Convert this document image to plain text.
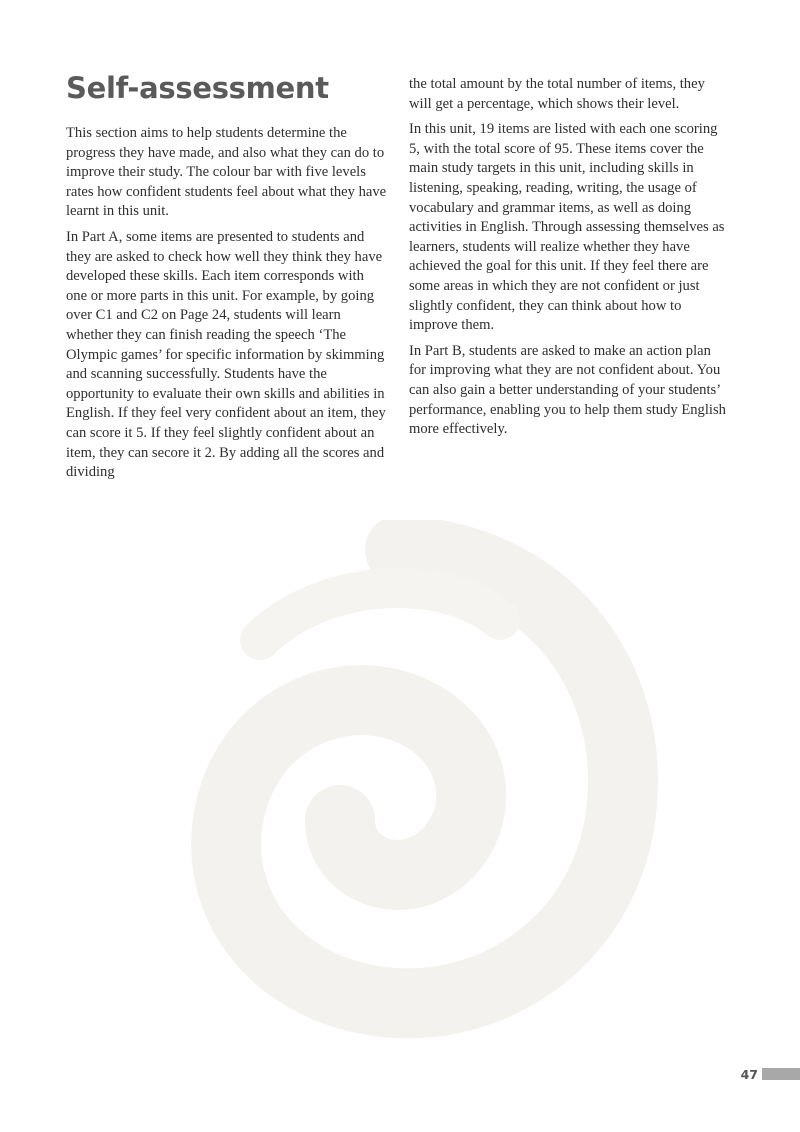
Self-assessment

This section aims to help students determine the progress they have made, and also what they can do to improve their study. The colour bar with five levels rates how confident students feel about what they have learnt in this unit.

In Part A, some items are presented to students and they are asked to check how well they think they have developed these skills. Each item corresponds with one or more parts in this unit. For example, by going over C1 and C2 on Page 24, students will learn whether they can finish reading the speech ‘The Olympic games’ for specific information by skimming and scanning successfully. Students have the opportunity to evaluate their own skills and abilities in English. If they feel very confident about an item, they can score it 5. If they feel slightly confident about an item, they can secore it 2. By adding all the scores and dividing

the total amount by the total number of items, they will get a percentage, which shows their level.

In this unit, 19 items are listed with each one scoring 5, with the total score of 95. These items cover the main study targets in this unit, including skills in listening, speaking, reading, writing, the usage of vocabulary and grammar items, as well as doing activities in English. Through assessing themselves as learners, students will realize whether they have achieved the goal for this unit. If they feel there are some areas in which they are not confident or just slightly confident, they can think about how to improve them.

In Part B, students are asked to make an action plan for improving what they are not confident about. You can also gain a better understanding of your students’ performance, enabling you to help them study English more effectively.

47
